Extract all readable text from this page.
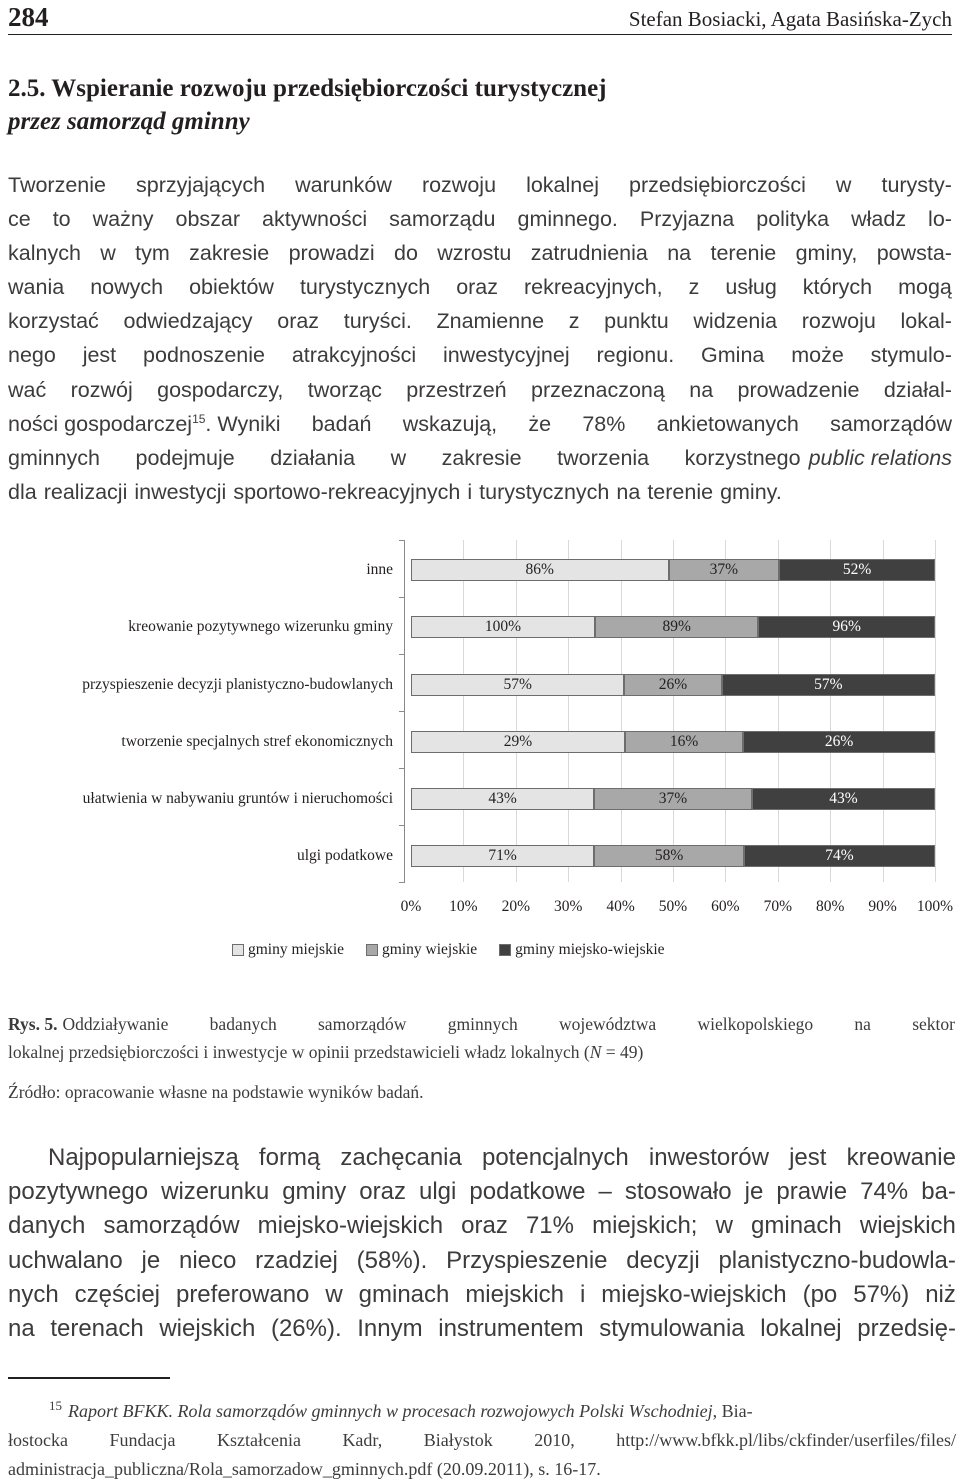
284	Stefan Bosiacki, Agata Basińska-Zych
2.5. Wspieranie rozwoju przedsiębiorczości turystycznej
przez samorząd gminny
Tworzenie sprzyjających warunków rozwoju lokalnej przedsiębiorczości w turysty-
ce to ważny obszar aktywności samorządu gminnego. Przyjazna polityka władz lo-
kalnych w tym zakresie prowadzi do wzrostu zatrudnienia na terenie gminy, powsta-
wania nowych obiektów turystycznych oraz rekreacyjnych, z usług których mogą
korzystać odwiedzający oraz turyści. Znamienne z punktu widzenia rozwoju lokal-
nego jest podnoszenie atrakcyjności inwestycyjnej regionu. Gmina może stymulo-
wać rozwój gospodarczy, tworząc przestrzeń przeznaczoną na prowadzenie działal-
ności gospodarczej$^{15}$ . Wyniki badań wskazują, że 78% ankietowanych samorządów
gminnych podejmuje działania w zakresie tworzenia korzystnego public relations
dla realizacji inwestycji sportowo-rekreacyjnych i turystycznych na terenie gminy.
gminy miejskie gminy wiejskie gminy miejsko-wiejskie
0% 10% 20% 30% 40% 50% 60% 70% 80% 90% 100%
inne	86%	37%	52%
kreowanie pozytywnego wizerunku gminy	100%	89%	96%
przyspieszenie decyzji planistyczno-budowlanych	57%	26%	57%
tworzenie specjalnych stref ekonomicznych	29%	16%	26%
ułatwienia w nabywaniu gruntów i nieruchomości	43%	37%	43%
ulgi podatkowe	71%	58%	74%
Rys. 5. Oddziaływanie badanych samorządów gminnych województwa wielkopolskiego na sektor
lokalnej przedsiębiorczości i inwestycje w opinii przedstawicieli władz lokalnych (N = 49)
Źródło: opracowanie własne na podstawie wyników badań.
Najpopularniejszą formą zachęcania potencjalnych inwestorów jest kreowanie
pozytywnego wizerunku gminy oraz ulgi podatkowe – stosowało je prawie 74% ba-
danych samorządów miejsko-wiejskich oraz 71% miejskich; w gminach wiejskich
uchwalano je nieco rzadziej (58%). Przyspieszenie decyzji planistyczno-budowla-
nych częściej preferowano w gminach miejskich i miejsko-wiejskich (po 57%) niż
na terenach wiejskich (26%). Innym instrumentem stymulowania lokalnej przedsię-
$^{15}$ Raport BFKK. Rola samorządów gminnych w procesach rozwojowych Polski Wschodniej, Bia-
łostocka Fundacja Kształcenia Kadr, Białystok 2010, http://www.bfkk.pl/libs/ckfinder/userfiles/files/
administracja_publiczna/Rola_samorzadow_gminnych.pdf (20.09.2011), s. 16-17.
